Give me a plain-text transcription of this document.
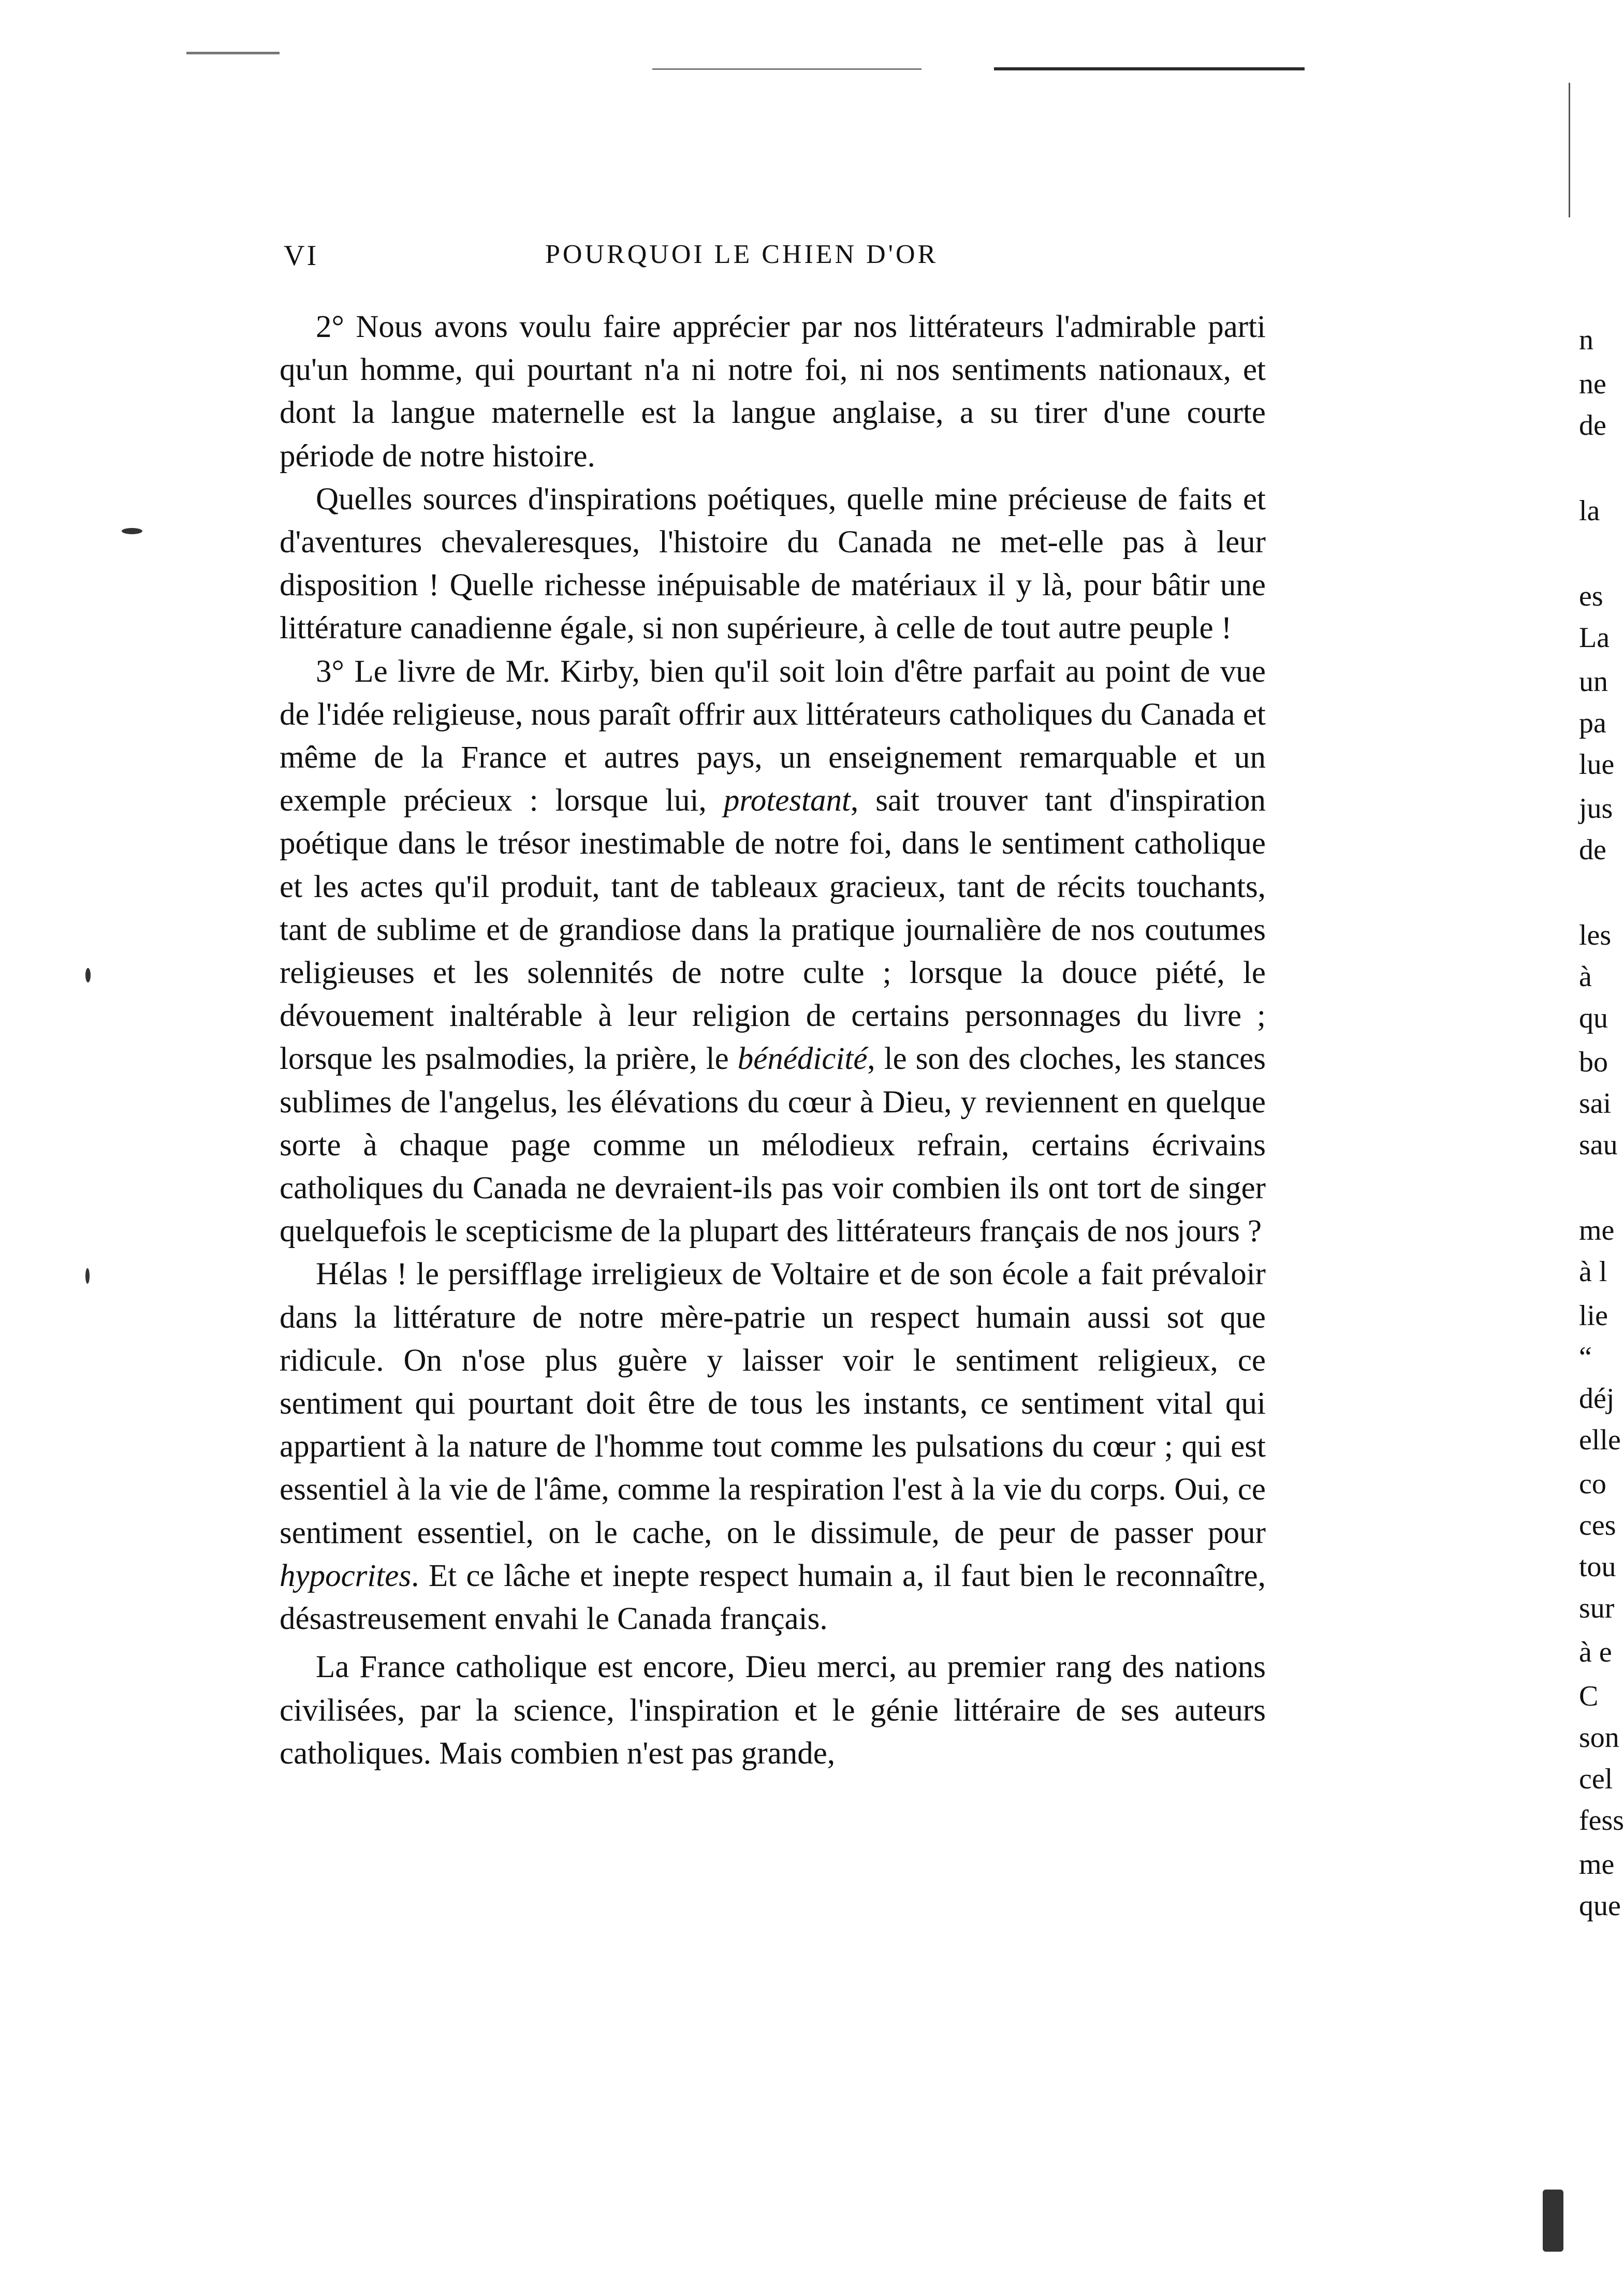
VI	POURQUOI LE CHIEN D'OR

2° Nous avons voulu faire apprécier par nos littérateurs l'admirable parti qu'un homme, qui pourtant n'a ni notre foi, ni nos sentiments nationaux, et dont la langue maternelle est la langue anglaise, a su tirer d'une courte période de notre histoire.

Quelles sources d'inspirations poétiques, quelle mine précieuse de faits et d'aventures chevaleresques, l'histoire du Canada ne met-elle pas à leur disposition ! Quelle richesse inépuisable de matériaux il y là, pour bâtir une littérature canadienne égale, si non supérieure, à celle de tout autre peuple !

3° Le livre de Mr. Kirby, bien qu'il soit loin d'être parfait au point de vue de l'idée religieuse, nous paraît offrir aux littérateurs catholiques du Canada et même de la France et autres pays, un enseignement remarquable et un exemple précieux : lorsque lui, protestant, sait trouver tant d'inspiration poétique dans le trésor inestimable de notre foi, dans le sentiment catholique et les actes qu'il produit, tant de tableaux gracieux, tant de récits touchants, tant de sublime et de grandiose dans la pratique journalière de nos coutumes religieuses et les solennités de notre culte ; lorsque la douce piété, le dévouement inaltérable à leur religion de certains personnages du livre ; lorsque les psalmodies, la prière, le bénédicité, le son des cloches, les stances sublimes de l'angelus, les élévations du cœur à Dieu, y reviennent en quelque sorte à chaque page comme un mélodieux refrain, certains écrivains catholiques du Canada ne devraient-ils pas voir combien ils ont tort de singer quelquefois le scepticisme de la plupart des littérateurs français de nos jours ?

Hélas ! le persifflage irreligieux de Voltaire et de son école a fait prévaloir dans la littérature de notre mère-patrie un respect humain aussi sot que ridicule. On n'ose plus guère y laisser voir le sentiment religieux, ce sentiment qui pourtant doit être de tous les instants, ce sentiment vital qui appartient à la nature de l'homme tout comme les pulsations du cœur ; qui est essentiel à la vie de l'âme, comme la respiration l'est à la vie du corps. Oui, ce sentiment essentiel, on le cache, on le dissimule, de peur de passer pour hypocrites. Et ce lâche et inepte respect humain a, il faut bien le reconnaître, désastreusement envahi le Canada français.

La France catholique est encore, Dieu merci, au premier rang des nations civilisées, par la science, l'inspiration et le génie littéraire de ses auteurs catholiques. Mais combien n'est pas grande,

n
ne
de
la
es
La
un
pa
lue
jus
de
les
à
qu
bo
sai
sau
me
à l
lie
“
déj
elle
co
ces
tou
sur
à e
C
son
cel
fess
me
que
